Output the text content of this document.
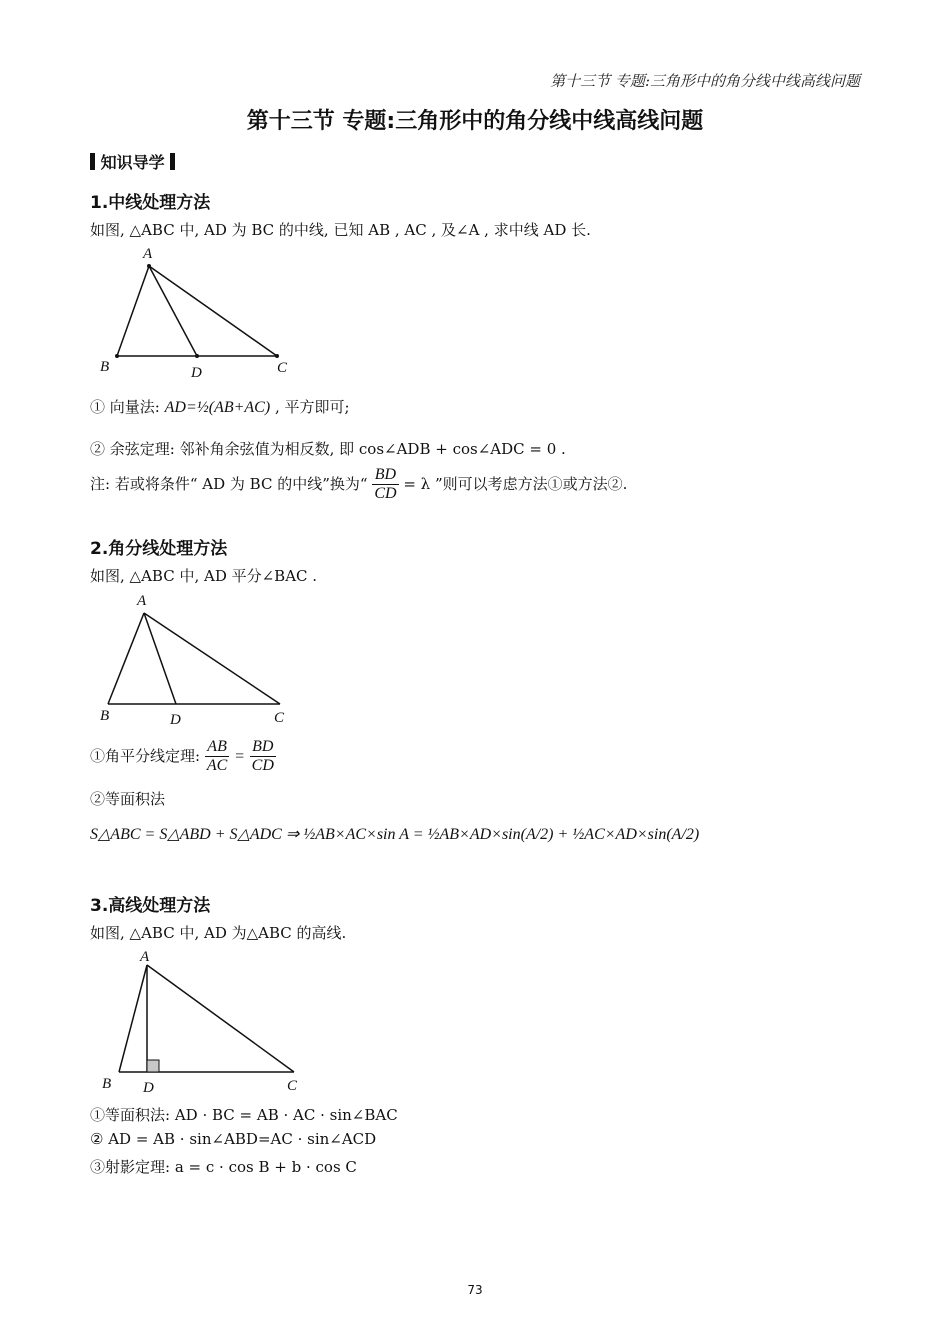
第十三节 专题:三角形中的角分线中线高线问题
第十三节 专题:三角形中的角分线中线高线问题
知识导学
1.中线处理方法
如图, △ABC 中, AD 为 BC 的中线, 已知 AB , AC , 及∠A , 求中线 AD 长.
A
B	D	C
① 向量法: AD=½(AB+AC) , 平方即可;
② 余弦定理: 邻补角余弦值为相反数, 即 cos∠ADB + cos∠ADC = 0 .
注: 若或将条件“ AD 为 BC 的中线”换为“ $\frac{BD}{CD} = \lambda$ ”则可以考虑方法①或方法②.
2.角分线处理方法
如图, △ABC 中, AD 平分∠BAC .
A
B	D	C
①角平分线定理: $\frac{AB}{AC} = \frac{BD}{CD}$
②等面积法
S△ABC = S△ABD + S△ADC ⇒ ½AB×AC×sin A = ½AB×AD×sin(A/2) + ½AC×AD×sin(A/2)
3.高线处理方法
如图, △ABC 中, AD 为△ABC 的高线.
A
B D	C
①等面积法: AD · BC = AB · AC · sin∠BAC
② AD = AB · sin∠ABD=AC · sin∠ACD
③射影定理: a = c · cos B + b · cos C
73
